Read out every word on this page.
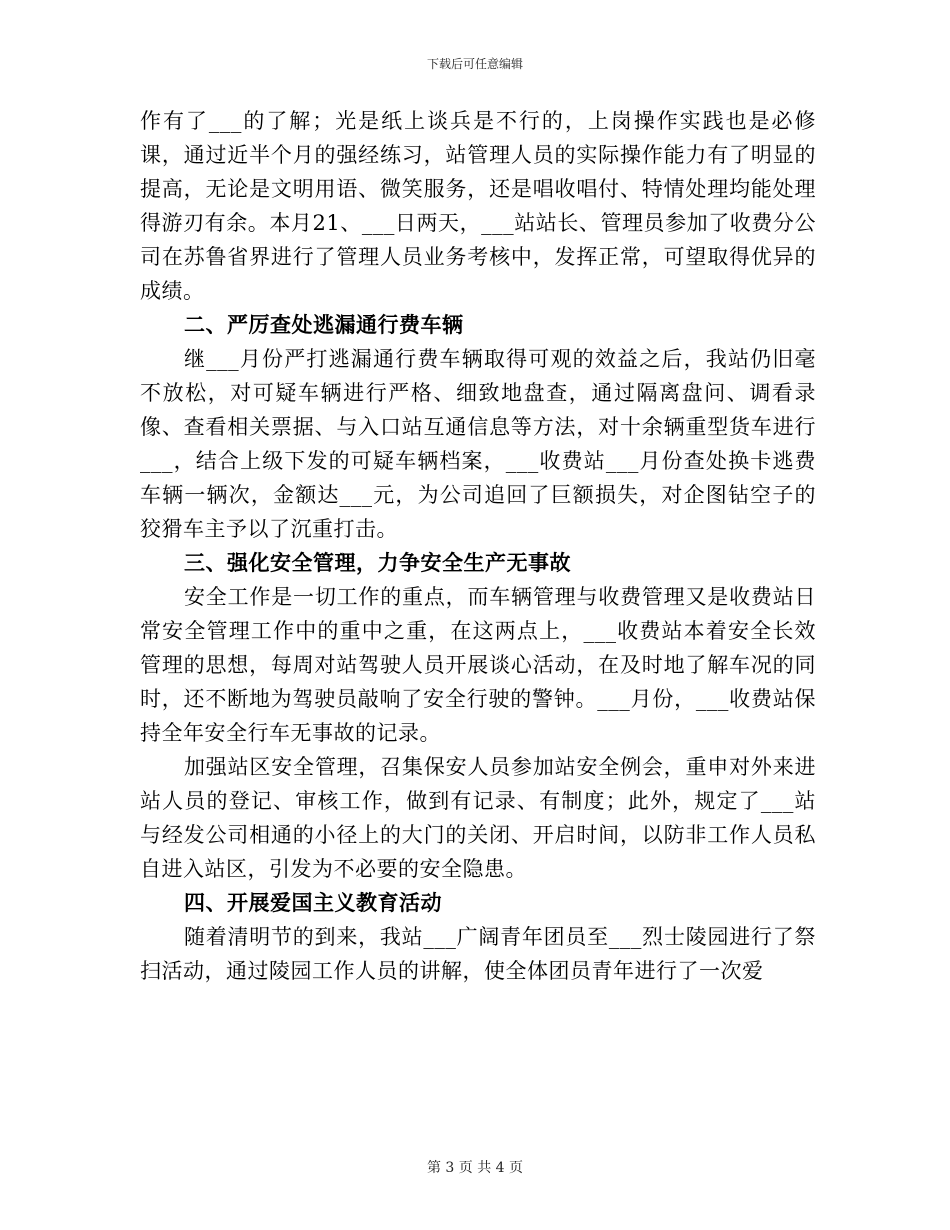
下载后可任意编辑

作有了___的了解；光是纸上谈兵是不行的，上岗操作实践也是必修课，通过近半个月的强经练习，站管理人员的实际操作能力有了明显的提高，无论是文明用语、微笑服务，还是唱收唱付、特情处理均能处理得游刃有余。本月21、___日两天，___站站长、管理员参加了收费分公司在苏鲁省界进行了管理人员业务考核中，发挥正常，可望取得优异的成绩。

二、严厉查处逃漏通行费车辆

继___月份严打逃漏通行费车辆取得可观的效益之后，我站仍旧毫不放松，对可疑车辆进行严格、细致地盘查，通过隔离盘问、调看录像、查看相关票据、与入口站互通信息等方法，对十余辆重型货车进行___，结合上级下发的可疑车辆档案，___收费站___月份查处换卡逃费车辆一辆次，金额达___元，为公司追回了巨额损失，对企图钻空子的狡猾车主予以了沉重打击。

三、强化安全管理，力争安全生产无事故

安全工作是一切工作的重点，而车辆管理与收费管理又是收费站日常安全管理工作中的重中之重，在这两点上，___收费站本着安全长效管理的思想，每周对站驾驶人员开展谈心活动，在及时地了解车况的同时，还不断地为驾驶员敲响了安全行驶的警钟。___月份，___收费站保持全年安全行车无事故的记录。

加强站区安全管理，召集保安人员参加站安全例会，重申对外来进站人员的登记、审核工作，做到有记录、有制度；此外，规定了___站与经发公司相通的小径上的大门的关闭、开启时间，以防非工作人员私自进入站区，引发为不必要的安全隐患。

四、开展爱国主义教育活动

随着清明节的到来，我站___广阔青年团员至___烈士陵园进行了祭扫活动，通过陵园工作人员的讲解，使全体团员青年进行了一次爱

第 3 页 共 4 页
